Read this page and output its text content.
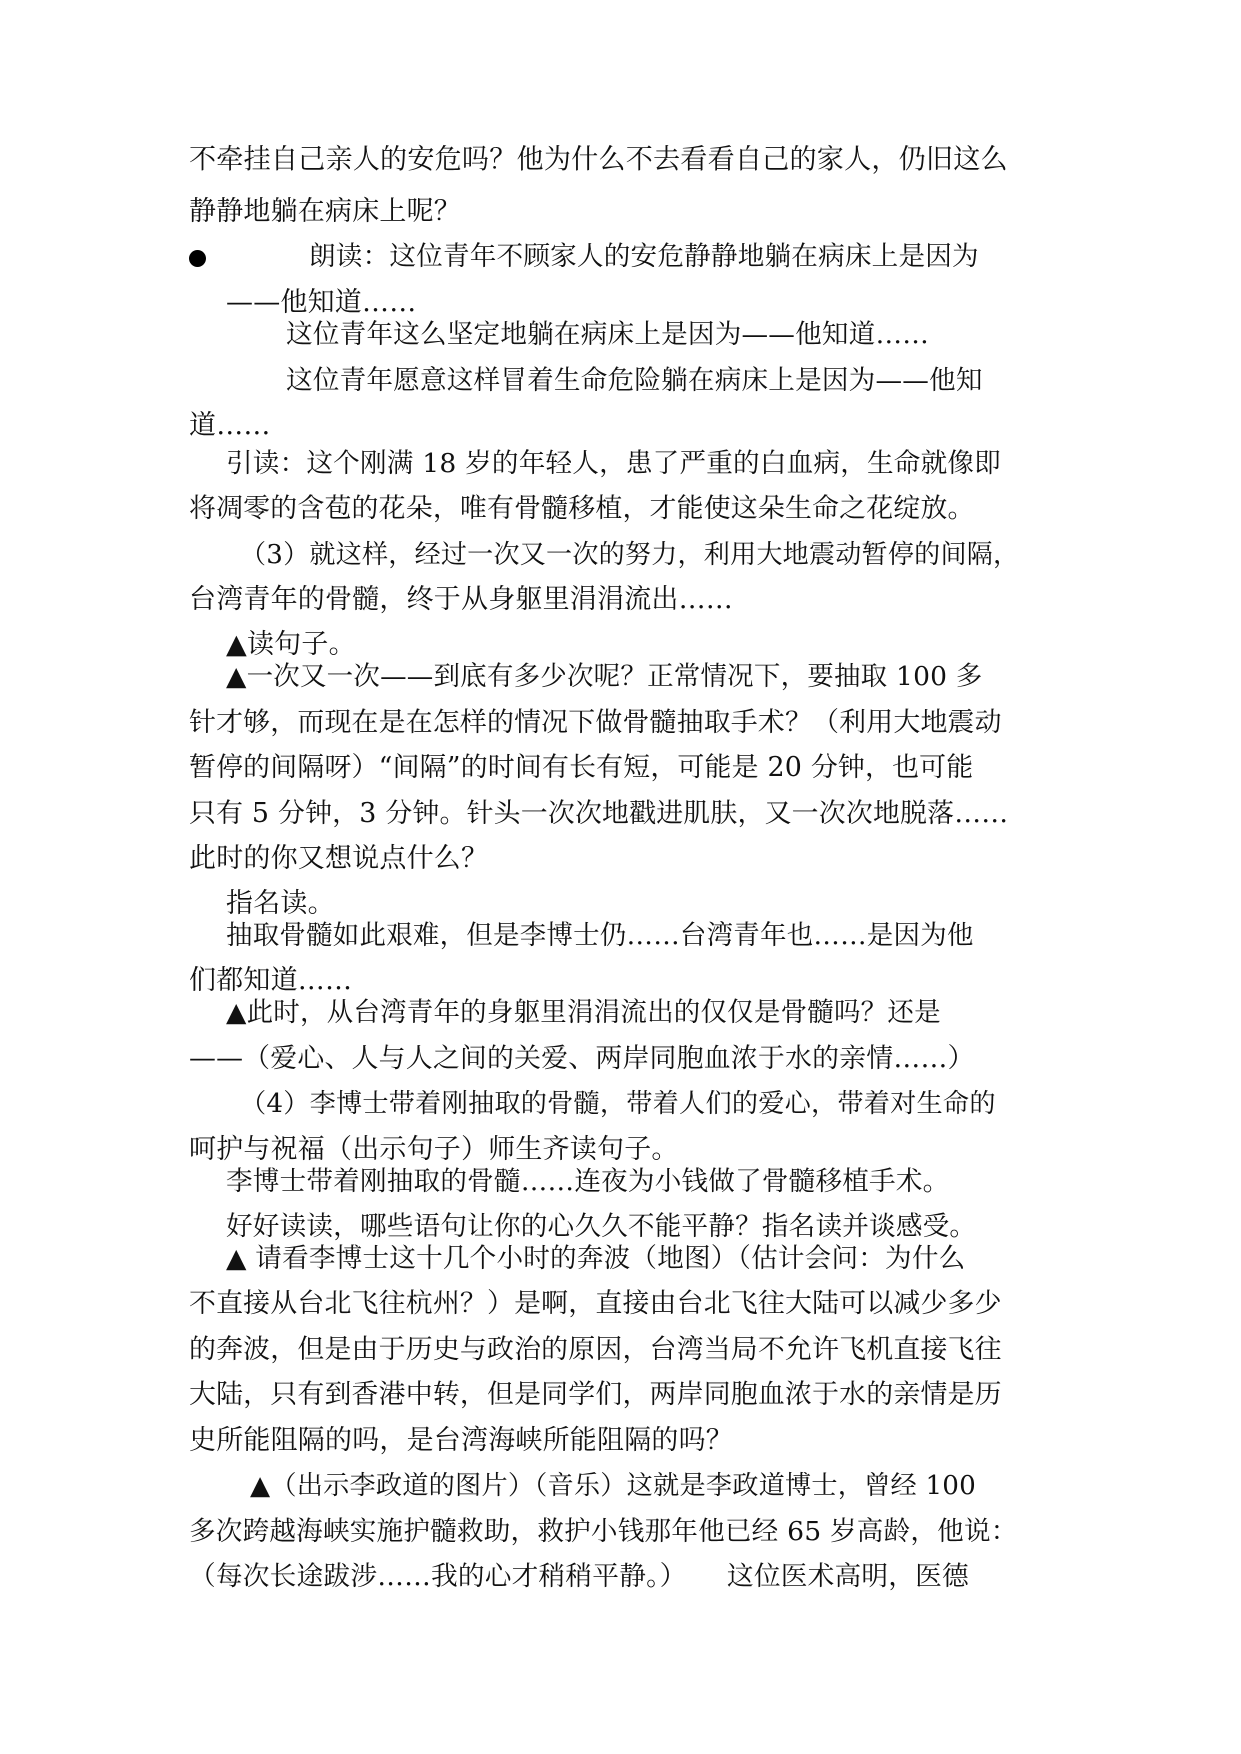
不牵挂自己亲人的安危吗？他为什么不去看看自己的家人，仍旧这么
静静地躺在病床上呢？
朗读：这位青年不顾家人的安危静静地躺在病床上是因为
——他知道……
这位青年这么坚定地躺在病床上是因为——他知道……
这位青年愿意这样冒着生命危险躺在病床上是因为——他知
道……
引读：这个刚满 18 岁的年轻人，患了严重的白血病，生命就像即
将凋零的含苞的花朵，唯有骨髓移植，才能使这朵生命之花绽放。
（3）就这样，经过一次又一次的努力，利用大地震动暂停的间隔，
台湾青年的骨髓，终于从身躯里涓涓流出……
▲读句子。
▲一次又一次——到底有多少次呢？正常情况下，要抽取 100 多
针才够，而现在是在怎样的情况下做骨髓抽取手术？（利用大地震动
暂停的间隔呀）“间隔”的时间有长有短，可能是 20 分钟，也可能
只有 5 分钟，3 分钟。针头一次次地戳进肌肤，又一次次地脱落……
此时的你又想说点什么？
指名读。
抽取骨髓如此艰难，但是李博士仍……台湾青年也……是因为他
们都知道……
▲此时，从台湾青年的身躯里涓涓流出的仅仅是骨髓吗？还是
——（爱心、人与人之间的关爱、两岸同胞血浓于水的亲情……）
（4）李博士带着刚抽取的骨髓，带着人们的爱心，带着对生命的
呵护与祝福（出示句子）师生齐读句子。
李博士带着刚抽取的骨髓……连夜为小钱做了骨髓移植手术。
好好读读，哪些语句让你的心久久不能平静？指名读并谈感受。
▲ 请看李博士这十几个小时的奔波（地图）（估计会问：为什么
不直接从台北飞往杭州？）是啊，直接由台北飞往大陆可以减少多少
的奔波，但是由于历史与政治的原因，台湾当局不允许飞机直接飞往
大陆，只有到香港中转，但是同学们，两岸同胞血浓于水的亲情是历
史所能阻隔的吗，是台湾海峡所能阻隔的吗？
▲（出示李政道的图片）（音乐）这就是李政道博士，曾经 100
多次跨越海峡实施护髓救助，救护小钱那年他已经 65 岁高龄，他说：
（每次长途跋涉……我的心才稍稍平静。）　　这位医术高明，医德
